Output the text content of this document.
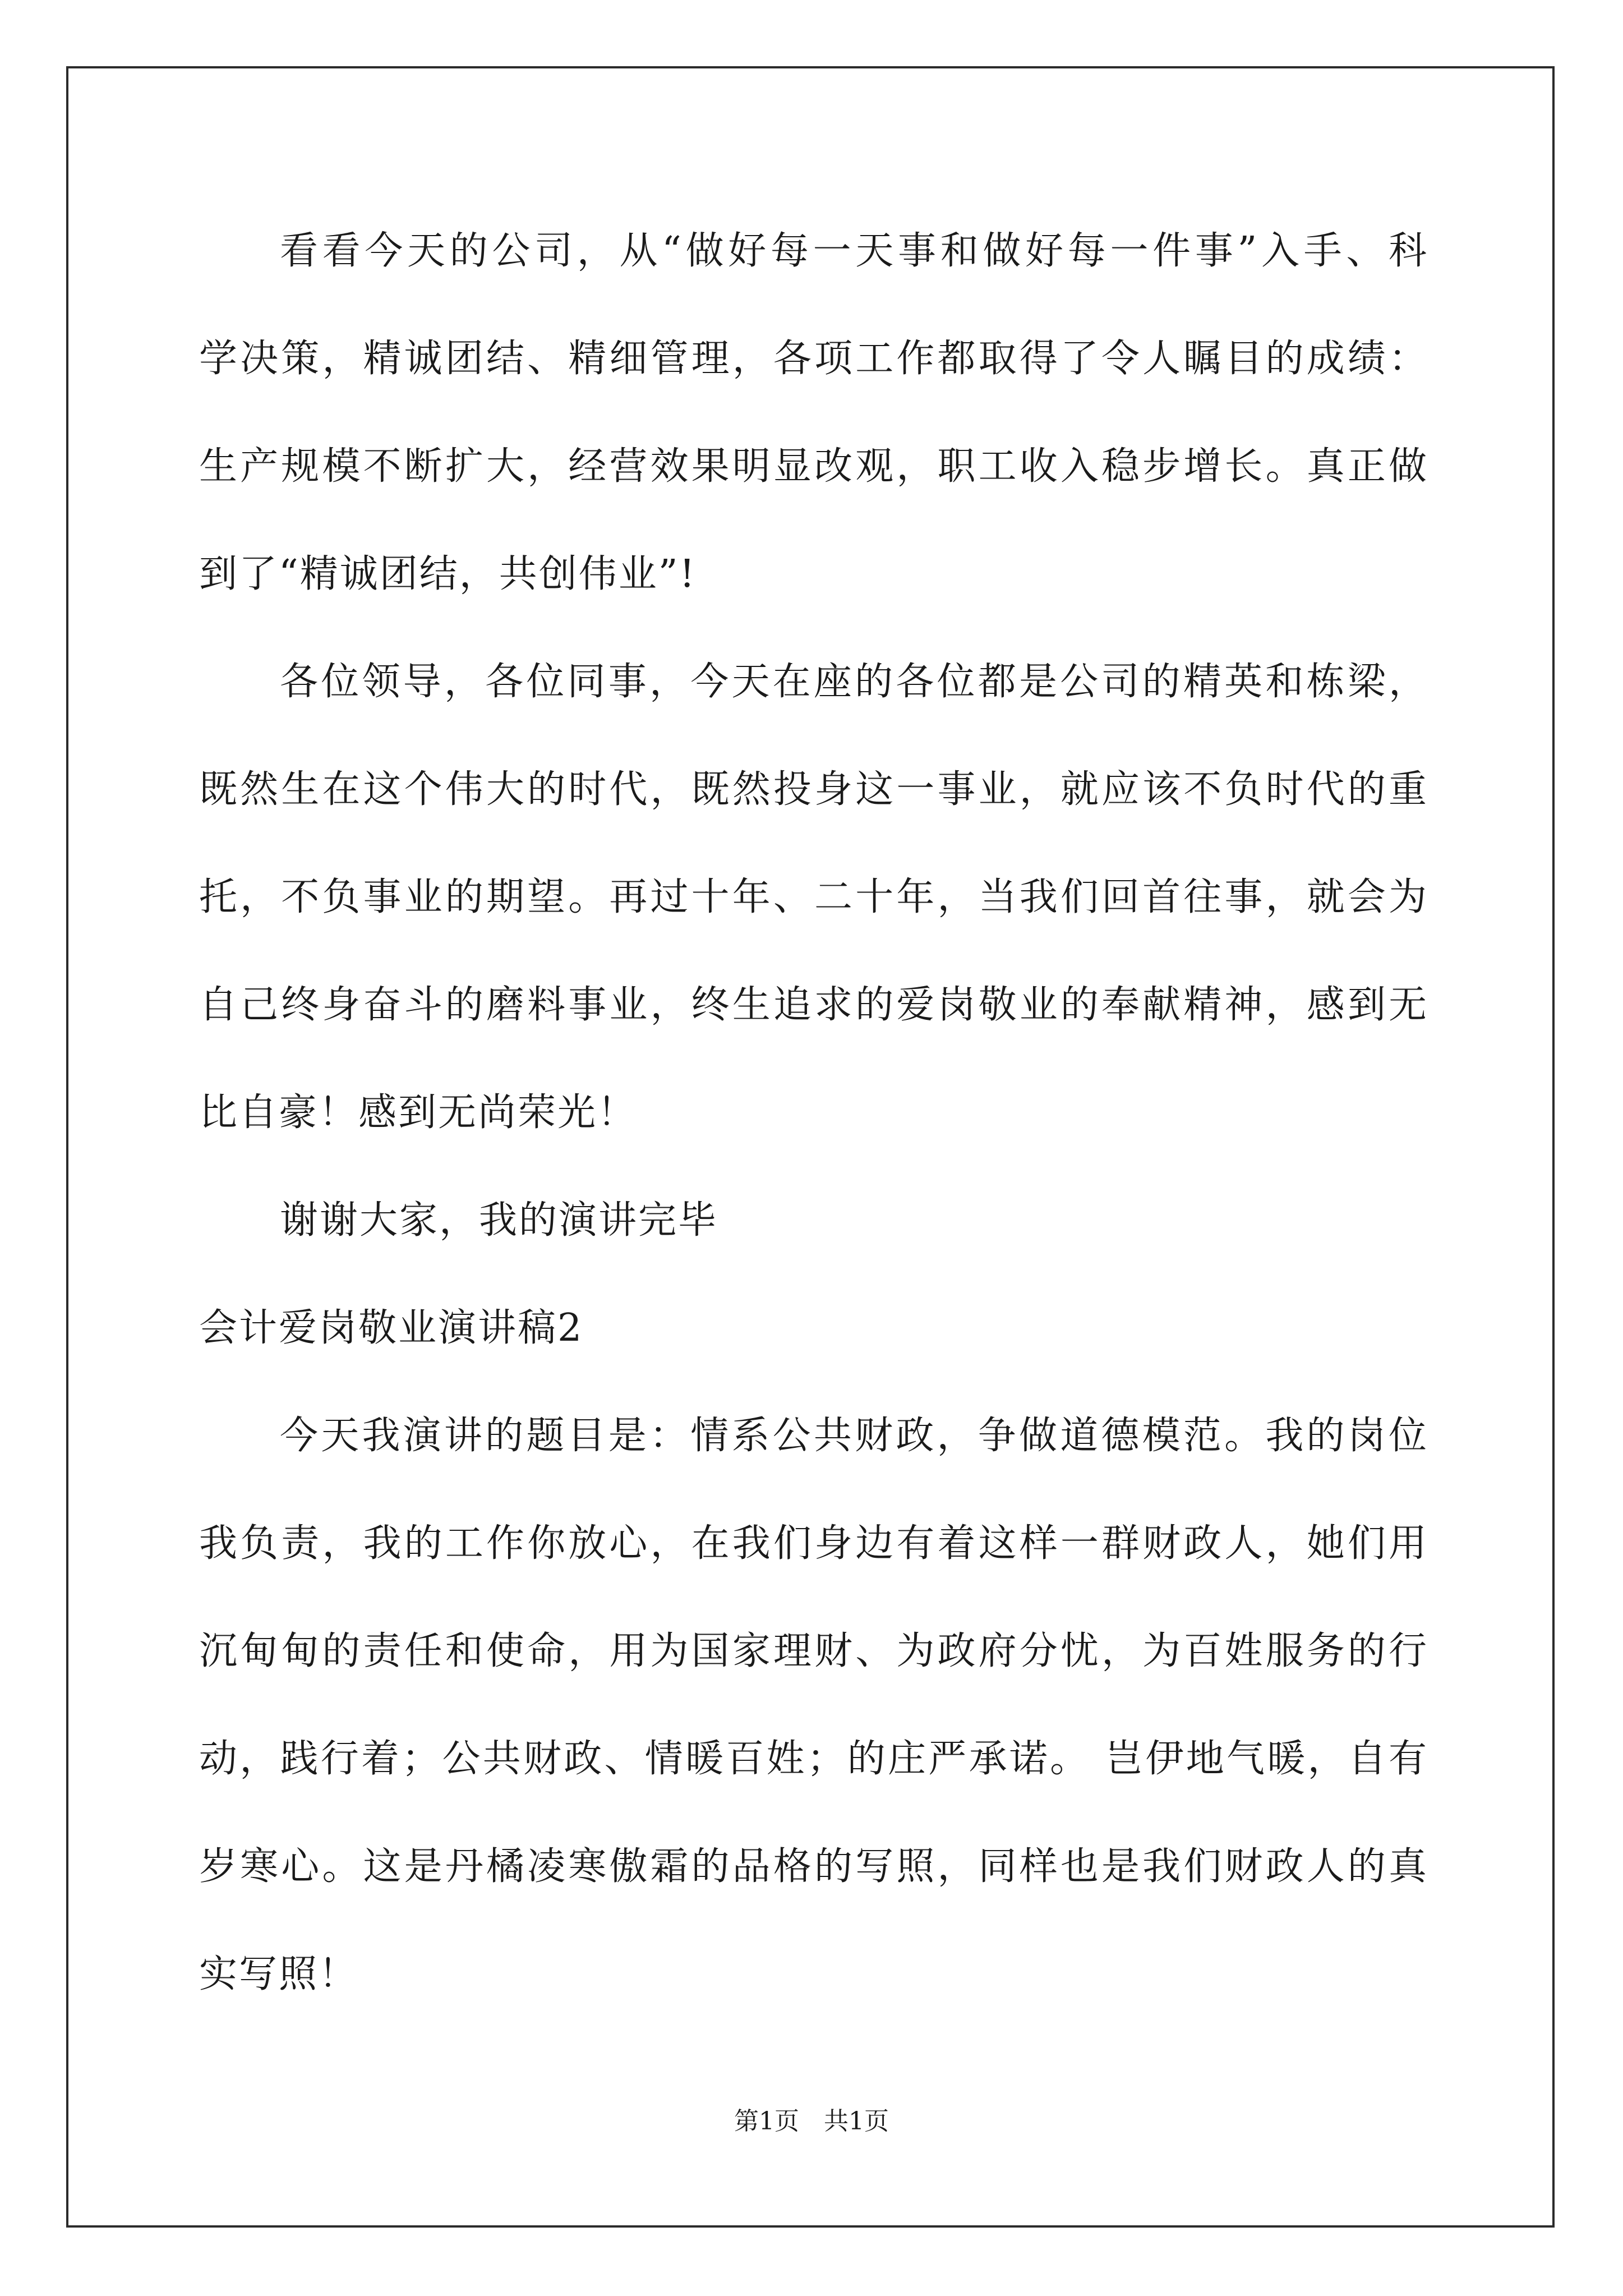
看看今天的公司，从“做好每一天事和做好每一件事”入手、科
学决策，精诚团结、精细管理，各项工作都取得了令人瞩目的成绩：
生产规模不断扩大，经营效果明显改观，职工收入稳步增长。真正做
到了“精诚团结，共创伟业”!
各位领导，各位同事，今天在座的各位都是公司的精英和栋梁，
既然生在这个伟大的时代，既然投身这一事业，就应该不负时代的重
托，不负事业的期望。再过十年、二十年，当我们回首往事，就会为
自己终身奋斗的磨料事业，终生追求的爱岗敬业的奉献精神，感到无
比自豪！感到无尚荣光！

谢谢大家，我的演讲完毕

会计爱岗敬业演讲稿2

今天我演讲的题目是：情系公共财政，争做道德模范。我的岗位
我负责，我的工作你放心，在我们身边有着这样一群财政人，她们用
沉甸甸的责任和使命，用为国家理财、为政府分忧，为百姓服务的行
动，践行着；公共财政、情暖百姓；的庄严承诺。 岂伊地气暖，自有
岁寒心。这是丹橘凌寒傲霜的品格的写照，同样也是我们财政人的真
实写照！
第1页　共1页
